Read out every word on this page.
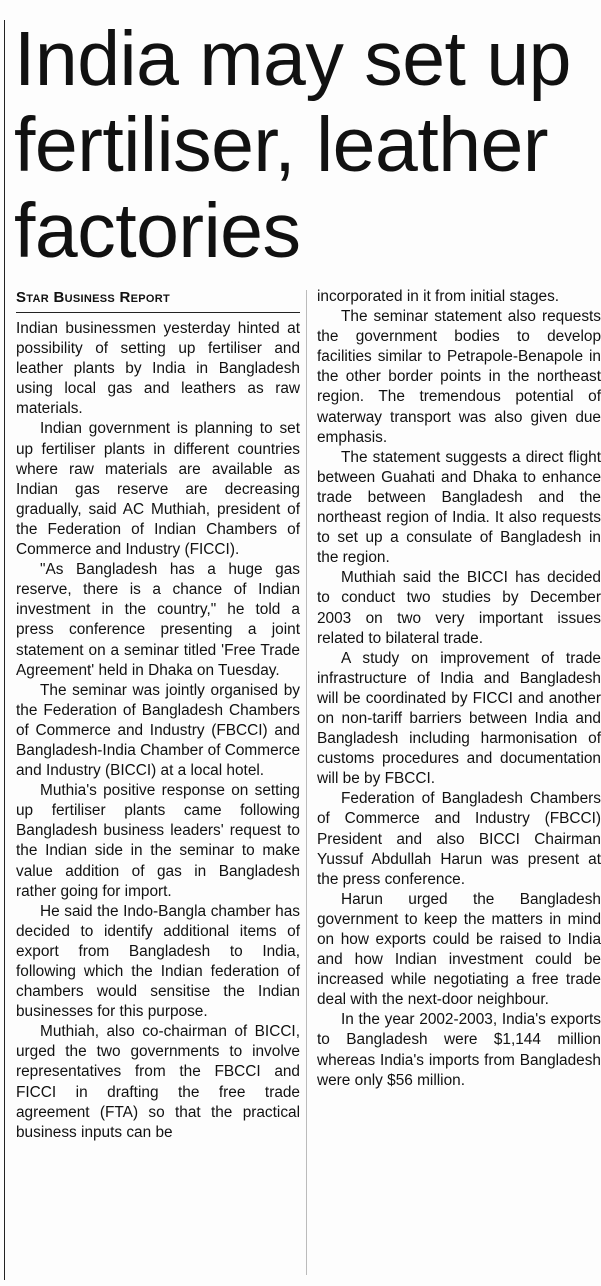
India may set up fertiliser, leather factories
Star Business Report

Indian businessmen yesterday hinted at possibility of setting up fertiliser and leather plants by India in Bangladesh using local gas and leathers as raw materials.

Indian government is planning to set up fertiliser plants in different countries where raw materials are available as Indian gas reserve are decreasing gradually, said AC Muthiah, president of the Federation of Indian Chambers of Commerce and Industry (FICCI).

"As Bangladesh has a huge gas reserve, there is a chance of Indian investment in the country," he told a press conference presenting a joint statement on a seminar titled 'Free Trade Agreement' held in Dhaka on Tuesday.

The seminar was jointly organised by the Federation of Bangladesh Chambers of Commerce and Industry (FBCCI) and Bangladesh-India Chamber of Commerce and Industry (BICCI) at a local hotel.

Muthia's positive response on setting up fertiliser plants came following Bangladesh business leaders' request to the Indian side in the seminar to make value addition of gas in Bangladesh rather going for import.

He said the Indo-Bangla chamber has decided to identify additional items of export from Bangladesh to India, following which the Indian federation of chambers would sensitise the Indian businesses for this purpose.

Muthiah, also co-chairman of BICCI, urged the two governments to involve representatives from the FBCCI and FICCI in drafting the free trade agreement (FTA) so that the practical business inputs can be

incorporated in it from initial stages.

The seminar statement also requests the government bodies to develop facilities similar to Petrapole-Benapole in the other border points in the northeast region. The tremendous potential of waterway transport was also given due emphasis.

The statement suggests a direct flight between Guahati and Dhaka to enhance trade between Bangladesh and the northeast region of India. It also requests to set up a consulate of Bangladesh in the region.

Muthiah said the BICCI has decided to conduct two studies by December 2003 on two very important issues related to bilateral trade.

A study on improvement of trade infrastructure of India and Bangladesh will be coordinated by FICCI and another on non-tariff barriers between India and Bangladesh including harmonisation of customs procedures and documentation will be by FBCCI.

Federation of Bangladesh Chambers of Commerce and Industry (FBCCI) President and also BICCI Chairman Yussuf Abdullah Harun was present at the press conference.

Harun urged the Bangladesh government to keep the matters in mind on how exports could be raised to India and how Indian investment could be increased while negotiating a free trade deal with the next-door neighbour.

In the year 2002-2003, India's exports to Bangladesh were $1,144 million whereas India's imports from Bangladesh were only $56 million.
